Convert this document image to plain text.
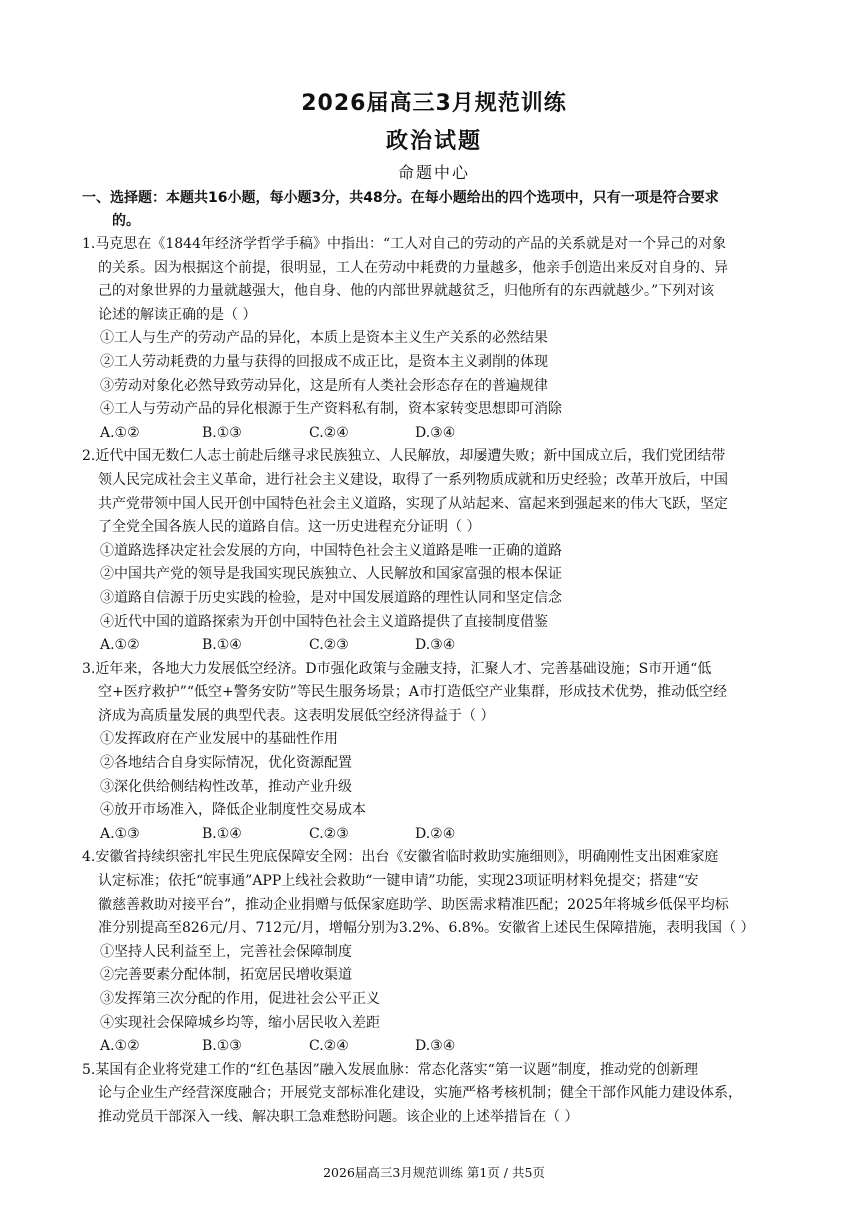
2026届高三3月规范训练
政治试题
命题中心
一、选择题：本题共16小题，每小题3分，共48分。在每小题给出的四个选项中，只有一项是符合要求
的。
1.马克思在《1844年经济学哲学手稿》中指出：“工人对自己的劳动的产品的关系就是对一个异己的对象
的关系。因为根据这个前提，很明显，工人在劳动中耗费的力量越多，他亲手创造出来反对自身的、异
己的对象世界的力量就越强大，他自身、他的内部世界就越贫乏，归他所有的东西就越少。”下列对该
论述的解读正确的是（ ）
①工人与生产的劳动产品的异化，本质上是资本主义生产关系的必然结果
②工人劳动耗费的力量与获得的回报成不成正比，是资本主义剥削的体现
③劳动对象化必然导致劳动异化，这是所有人类社会形态存在的普遍规律
④工人与劳动产品的异化根源于生产资料私有制，资本家转变思想即可消除
A.①②	B.①③	C.②④	D.③④
2.近代中国无数仁人志士前赴后继寻求民族独立、人民解放，却屡遭失败；新中国成立后，我们党团结带
领人民完成社会主义革命，进行社会主义建设，取得了一系列物质成就和历史经验；改革开放后，中国
共产党带领中国人民开创中国特色社会主义道路，实现了从站起来、富起来到强起来的伟大飞跃，坚定
了全党全国各族人民的道路自信。这一历史进程充分证明（ ）
①道路选择决定社会发展的方向，中国特色社会主义道路是唯一正确的道路
②中国共产党的领导是我国实现民族独立、人民解放和国家富强的根本保证
③道路自信源于历史实践的检验，是对中国发展道路的理性认同和坚定信念
④近代中国的道路探索为开创中国特色社会主义道路提供了直接制度借鉴
A.①②	B.①④	C.②③	D.③④
3.近年来，各地大力发展低空经济。D市强化政策与金融支持，汇聚人才、完善基础设施；S市开通“低
空+医疗救护”“低空+警务安防”等民生服务场景；A市打造低空产业集群，形成技术优势，推动低空经
济成为高质量发展的典型代表。这表明发展低空经济得益于（ ）
①发挥政府在产业发展中的基础性作用
②各地结合自身实际情况，优化资源配置
③深化供给侧结构性改革，推动产业升级
④放开市场准入，降低企业制度性交易成本
A.①③	B.①④	C.②③	D.②④
4.安徽省持续织密扎牢民生兜底保障安全网：出台《安徽省临时救助实施细则》，明确刚性支出困难家庭
认定标准；依托“皖事通”APP上线社会救助“一键申请”功能，实现23项证明材料免提交；搭建“安
徽慈善救助对接平台”，推动企业捐赠与低保家庭助学、助医需求精准匹配；2025年将城乡低保平均标
准分别提高至826元/月、712元/月，增幅分别为3.2%、6.8%。安徽省上述民生保障措施，表明我国（ ）
①坚持人民利益至上，完善社会保障制度
②完善要素分配体制，拓宽居民增收渠道
③发挥第三次分配的作用，促进社会公平正义
④实现社会保障城乡均等，缩小居民收入差距
A.①②	B.①③	C.②④	D.③④
5.某国有企业将党建工作的“红色基因”融入发展血脉：常态化落实“第一议题”制度，推动党的创新理
论与企业生产经营深度融合；开展党支部标准化建设，实施严格考核机制；健全干部作风能力建设体系，
推动党员干部深入一线、解决职工急难愁盼问题。该企业的上述举措旨在（ ）
2026届高三3月规范训练 第1页 / 共5页
